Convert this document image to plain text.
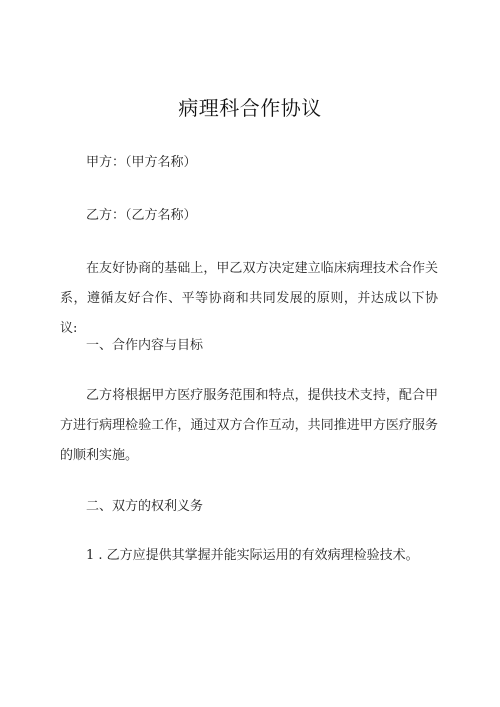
病理科合作协议

甲方：（甲方名称）

乙方：（乙方名称）

在友好协商的基础上，甲乙双方决定建立临床病理技术合作关系，遵循友好合作、平等协商和共同发展的原则，并达成以下协议:

一、合作内容与目标

乙方将根据甲方医疗服务范围和特点，提供技术支持，配合甲方进行病理检验工作，通过双方合作互动，共同推进甲方医疗服务的顺利实施。

二、双方的权利义务

1 . 乙方应提供其掌握并能实际运用的有效病理检验技术。
